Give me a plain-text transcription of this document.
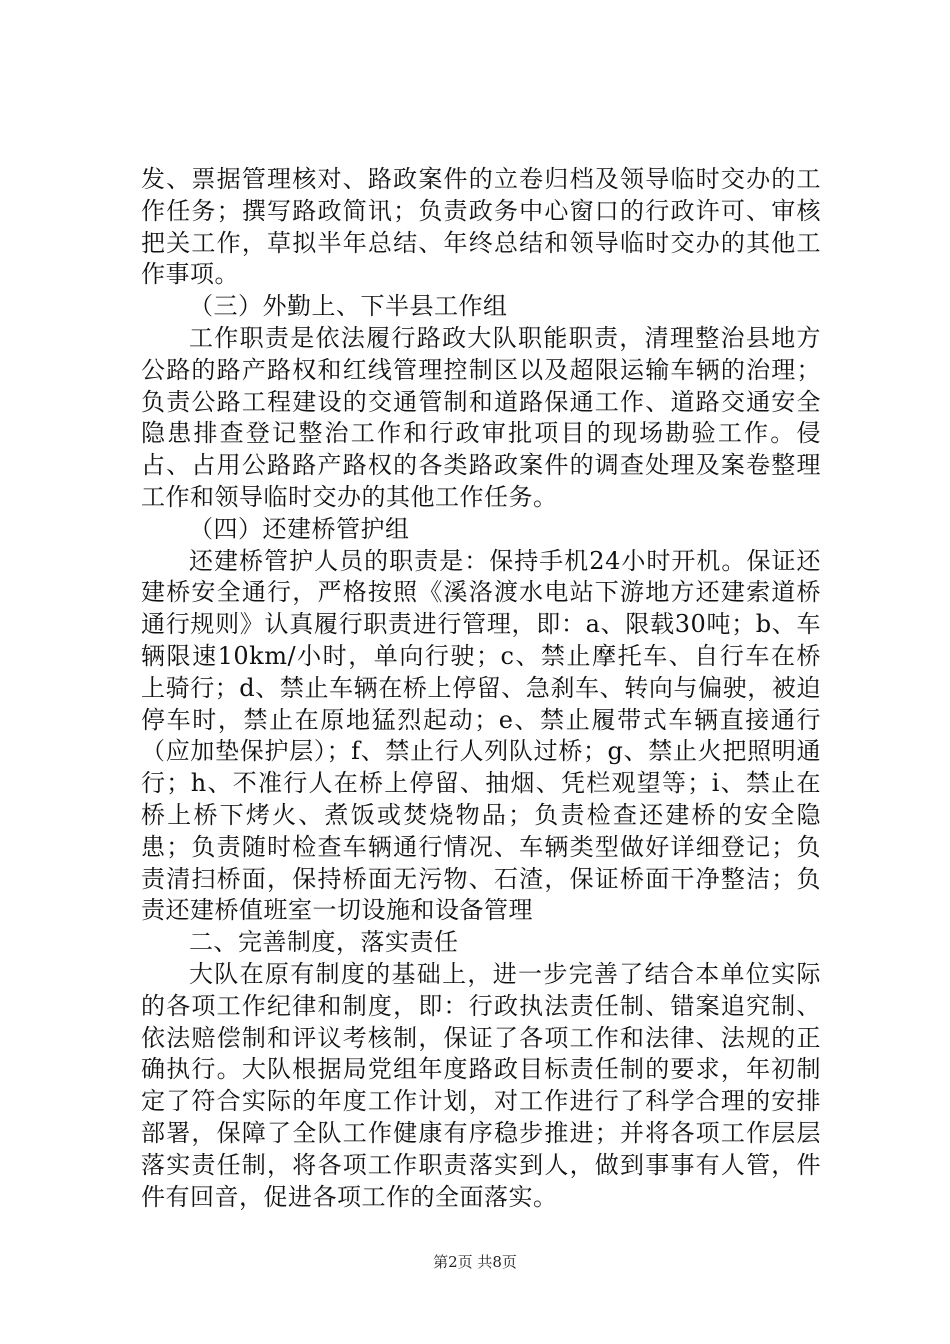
发、票据管理核对、路政案件的立卷归档及领导临时交办的工作任务；撰写路政简讯；负责政务中心窗口的行政许可、审核把关工作，草拟半年总结、年终总结和领导临时交办的其他工作事项。

（三）外勤上、下半县工作组

工作职责是依法履行路政大队职能职责，清理整治县地方公路的路产路权和红线管理控制区以及超限运输车辆的治理；负责公路工程建设的交通管制和道路保通工作、道路交通安全隐患排查登记整治工作和行政审批项目的现场勘验工作。侵占、占用公路路产路权的各类路政案件的调查处理及案卷整理工作和领导临时交办的其他工作任务。

（四）还建桥管护组

还建桥管护人员的职责是：保持手机24小时开机。保证还建桥安全通行，严格按照《溪洛渡水电站下游地方还建索道桥通行规则》认真履行职责进行管理，即：a、限载30吨；b、车辆限速10km/小时，单向行驶；c、禁止摩托车、自行车在桥上骑行；d、禁止车辆在桥上停留、急刹车、转向与偏驶，被迫停车时，禁止在原地猛烈起动；e、禁止履带式车辆直接通行（应加垫保护层）；f、禁止行人列队过桥；g、禁止火把照明通行；h、不准行人在桥上停留、抽烟、凭栏观望等；i、禁止在桥上桥下烤火、煮饭或焚烧物品；负责检查还建桥的安全隐患；负责随时检查车辆通行情况、车辆类型做好详细登记；负责清扫桥面，保持桥面无污物、石渣，保证桥面干净整洁；负责还建桥值班室一切设施和设备管理

二、完善制度，落实责任

大队在原有制度的基础上，进一步完善了结合本单位实际的各项工作纪律和制度，即：行政执法责任制、错案追究制、依法赔偿制和评议考核制，保证了各项工作和法律、法规的正确执行。大队根据局党组年度路政目标责任制的要求，年初制定了符合实际的年度工作计划，对工作进行了科学合理的安排部署，保障了全队工作健康有序稳步推进；并将各项工作层层落实责任制，将各项工作职责落实到人，做到事事有人管，件件有回音，促进各项工作的全面落实。

第2页 共8页
